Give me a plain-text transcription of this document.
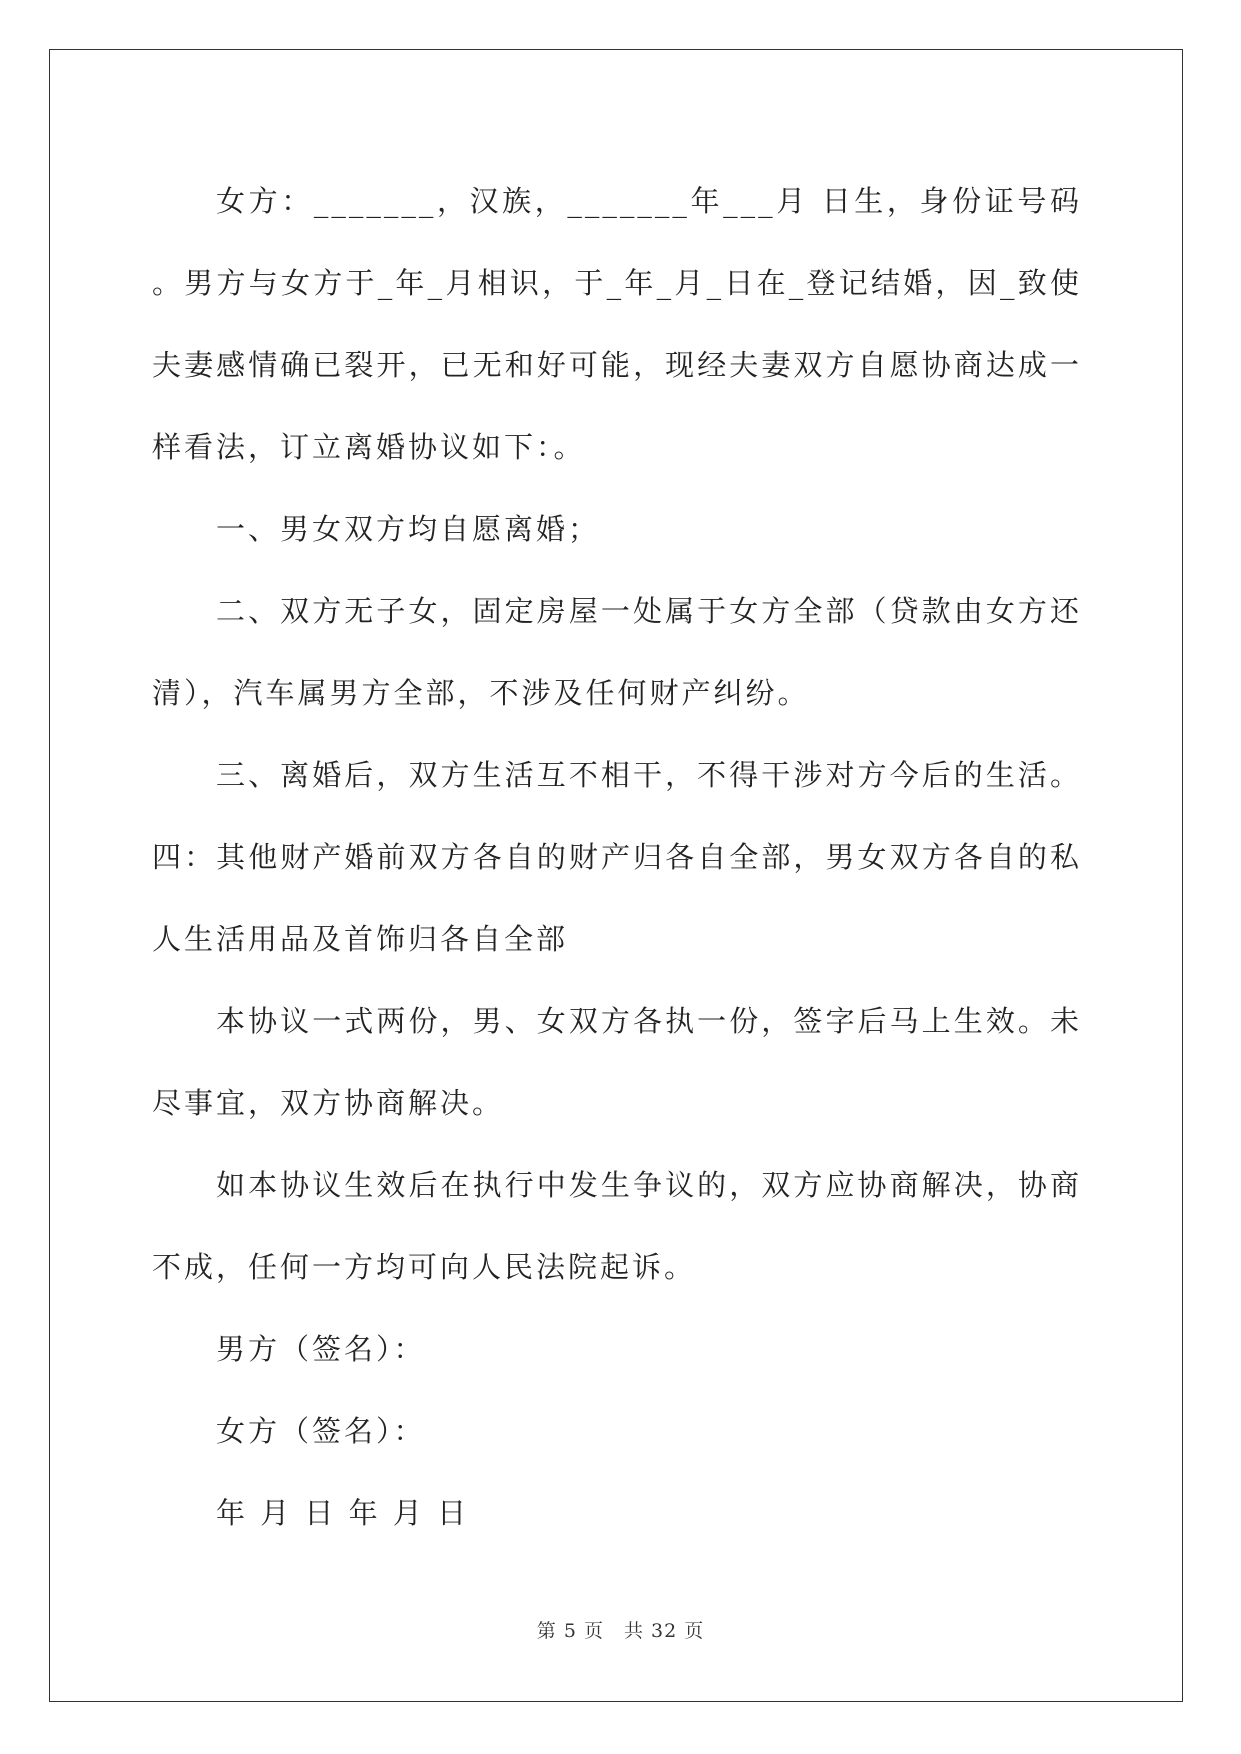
女方：_______，汉族，_______年___月 日生，身份证号码 。男方与女方于_年_月相识，于_年_月_日在_登记结婚，因_致使夫妻感情确已裂开，已无和好可能，现经夫妻双方自愿协商达成一样看法，订立离婚协议如下：。

一、男女双方均自愿离婚；

二、双方无子女，固定房屋一处属于女方全部（贷款由女方还清），汽车属男方全部，不涉及任何财产纠纷。

三、离婚后，双方生活互不相干，不得干涉对方今后的生活。 四：其他财产婚前双方各自的财产归各自全部，男女双方各自的私人生活用品及首饰归各自全部

本协议一式两份，男、女双方各执一份，签字后马上生效。未尽事宜，双方协商解决。

如本协议生效后在执行中发生争议的，双方应协商解决，协商不成，任何一方均可向人民法院起诉。

男方（签名）：

女方（签名）：

年 月 日 年 月 日

第 5 页　共 32 页
